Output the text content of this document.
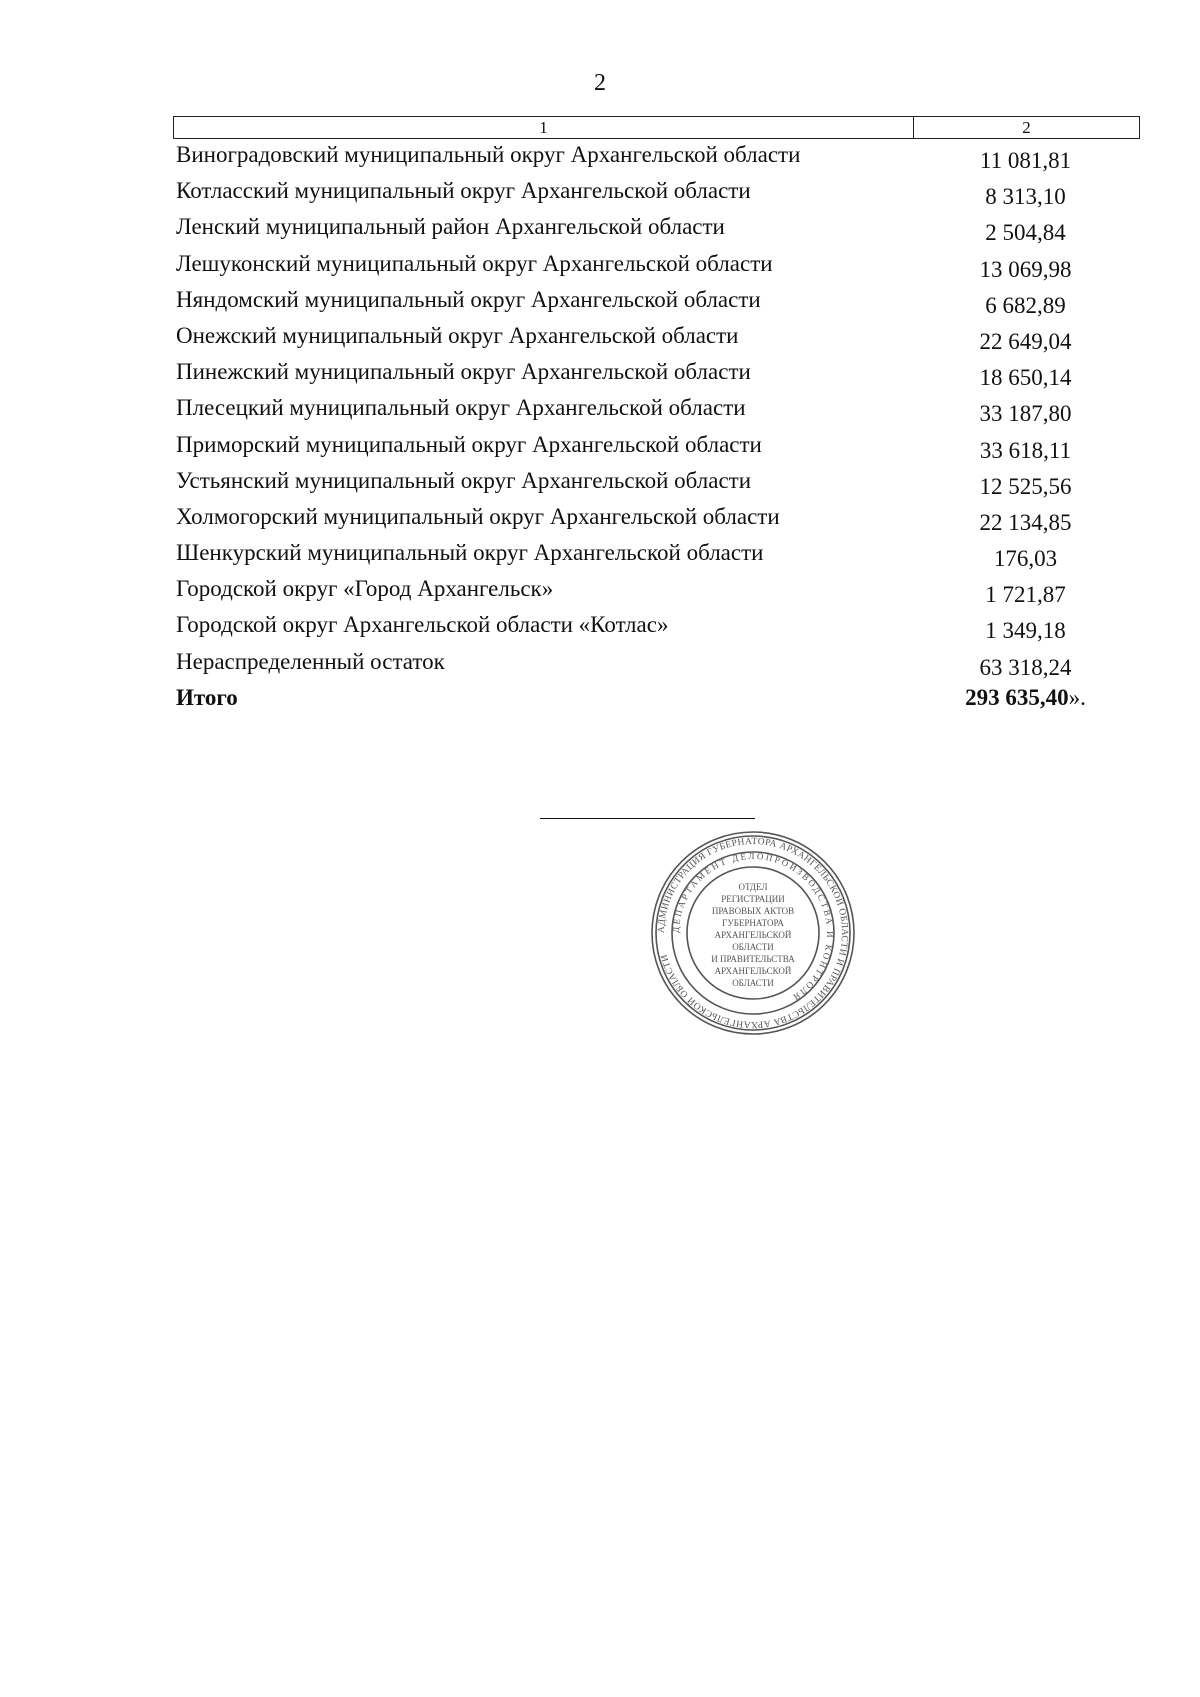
2
1	2
Виноградовский муниципальный округ Архангельской области	11 081,81
Котласский муниципальный округ Архангельской области	8 313,10
Ленский муниципальный район Архангельской области	2 504,84
Лешуконский муниципальный округ Архангельской области	13 069,98
Няндомский муниципальный округ Архангельской области	6 682,89
Онежский муниципальный округ Архангельской области	22 649,04
Пинежский муниципальный округ Архангельской области	18 650,14
Плесецкий муниципальный округ Архангельской области	33 187,80
Приморский муниципальный округ Архангельской области	33 618,11
Устьянский муниципальный округ Архангельской области	12 525,56
Холмогорский муниципальный округ Архангельской области	22 134,85
Шенкурский муниципальный округ Архангельской области	176,03
Городской округ «Город Архангельск»	1 721,87
Городской округ Архангельской области «Котлас»	1 349,18
Нераспределенный остаток	63 318,24
Итого	293 635,40».
АДМИНИСТРАЦИЯ ГУБЕРНАТОРА АРХАНГЕЛЬСКОЙ ОБЛАСТИ И ПРАВИТЕЛЬСТВА АРХАНГЕЛЬСКОЙ ОБЛАСТИ
ДЕПАРТАМЕНТ ДЕЛОПРОИЗВОДСТВА И КОНТРОЛЯ
ОТДЕЛ
РЕГИСТРАЦИИ
ПРАВОВЫХ АКТОВ
ГУБЕРНАТОРА
АРХАНГЕЛЬСКОЙ
ОБЛАСТИ
И ПРАВИТЕЛЬСТВА
АРХАНГЕЛЬСКОЙ
ОБЛАСТИ
